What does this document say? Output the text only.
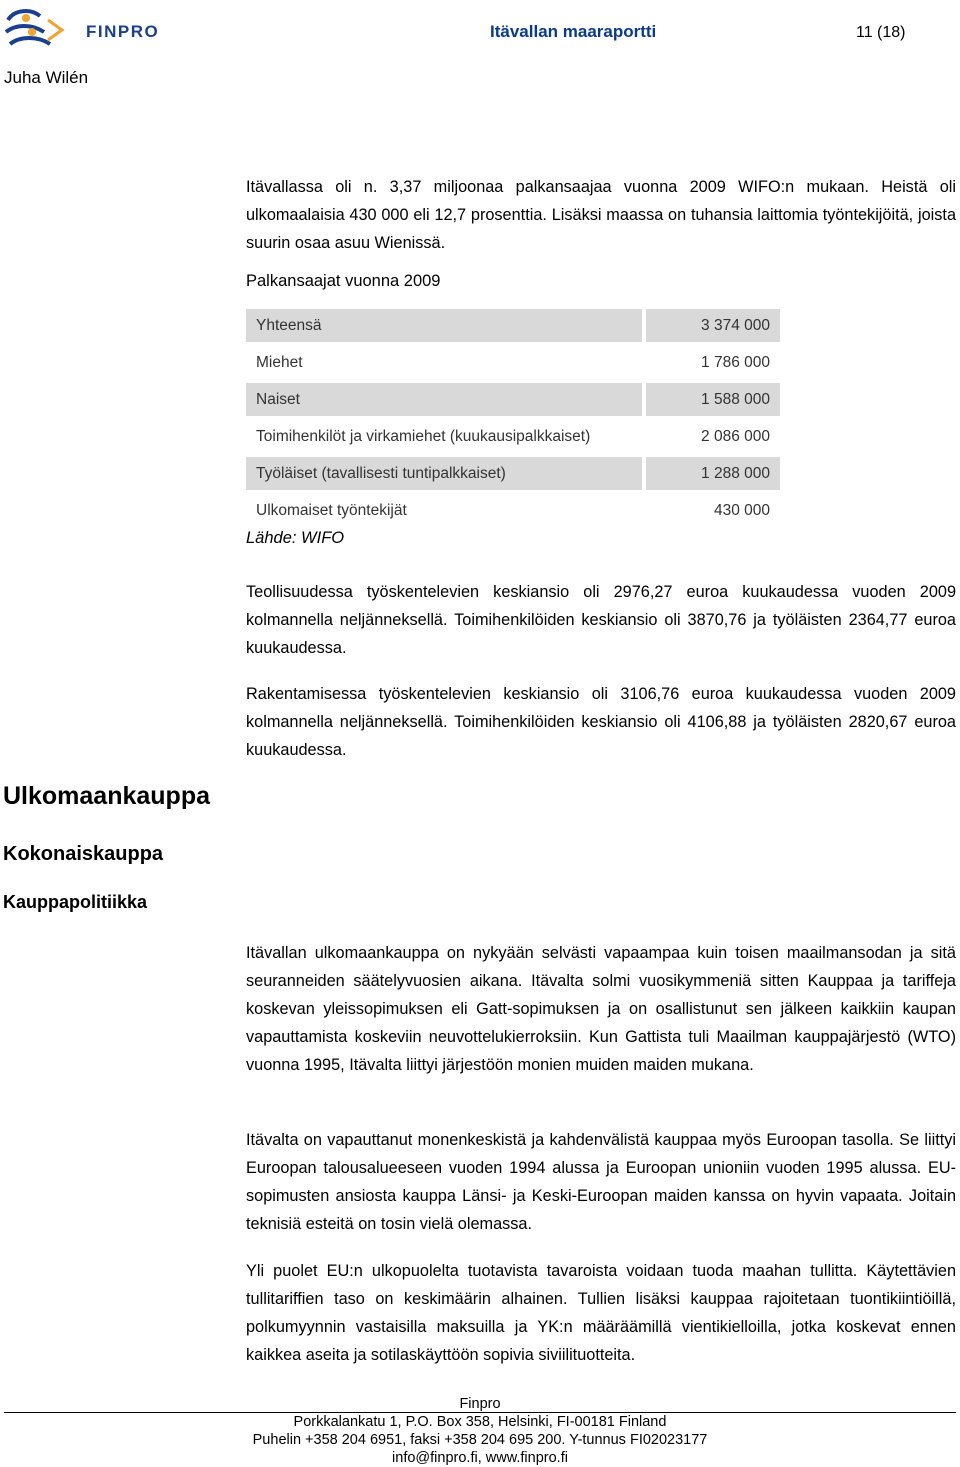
FINPRO	Itävallan maaraportti	11 (18)
Juha Wilén

Itävallassa oli n. 3,37 miljoonaa palkansaajaa vuonna 2009 WIFO:n mukaan. Heistä oli ulkomaalaisia 430 000 eli 12,7 prosenttia. Lisäksi maassa on tuhansia laittomia työntekijöitä, joista suurin osaa asuu Wienissä.

Palkansaajat vuonna 2009
Yhteensä	3 374 000
Miehet	1 786 000
Naiset	1 588 000
Toimihenkilöt ja virkamiehet (kuukausipalkkaiset)	2 086 000
Työläiset (tavallisesti tuntipalkkaiset)	1 288 000
Ulkomaiset työntekijät	430 000
Lähde: WIFO
Teollisuudessa työskentelevien keskiansio oli 2976,27 euroa kuukaudessa vuoden 2009 kolmannella neljänneksellä. Toimihenkilöiden keskiansio oli 3870,76 ja työläisten 2364,77 euroa kuukaudessa.
Rakentamisessa työskentelevien keskiansio oli 3106,76 euroa kuukaudessa vuoden 2009 kolmannella neljänneksellä. Toimihenkilöiden keskiansio oli 4106,88 ja työläisten 2820,67 euroa kuukaudessa.
Ulkomaankauppa
Kokonaiskauppa
Kauppapolitiikka
Itävallan ulkomaankauppa on nykyään selvästi vapaampaa kuin toisen maailmansodan ja sitä seuranneiden säätelyvuosien aikana. Itävalta solmi vuosikymmeniä sitten Kauppaa ja tariffeja koskevan yleissopimuksen eli Gatt-sopimuksen ja on osallistunut sen jälkeen kaikkiin kaupan vapauttamista koskeviin neuvottelukierroksiin. Kun Gattista tuli Maailman kauppajärjestö (WTO) vuonna 1995, Itävalta liittyi järjestöön monien muiden maiden mukana.
Itävalta on vapauttanut monenkeskistä ja kahdenvälistä kauppaa myös Euroopan tasolla. Se liittyi Euroopan talousalueeseen vuoden 1994 alussa ja Euroopan unioniin vuoden 1995 alussa. EU-sopimusten ansiosta kauppa Länsi- ja Keski-Euroopan maiden kanssa on hyvin vapaata. Joitain teknisiä esteitä on tosin vielä olemassa.
Yli puolet EU:n ulkopuolelta tuotavista tavaroista voidaan tuoda maahan tullitta. Käytettävien tullitariffien taso on keskimäärin alhainen. Tullien lisäksi kauppaa rajoitetaan tuontikiintiöillä, polkumyynnin vastaisilla maksuilla ja YK:n määräämillä vientikielloilla, jotka koskevat ennen kaikkea aseita ja sotilaskäyttöön sopivia siviilituotteita.
Finpro
Porkkalankatu 1, P.O. Box 358, Helsinki, FI-00181 Finland
Puhelin +358 204 6951, faksi +358 204 695 200. Y-tunnus FI02023177
info@finpro.fi, www.finpro.fi
